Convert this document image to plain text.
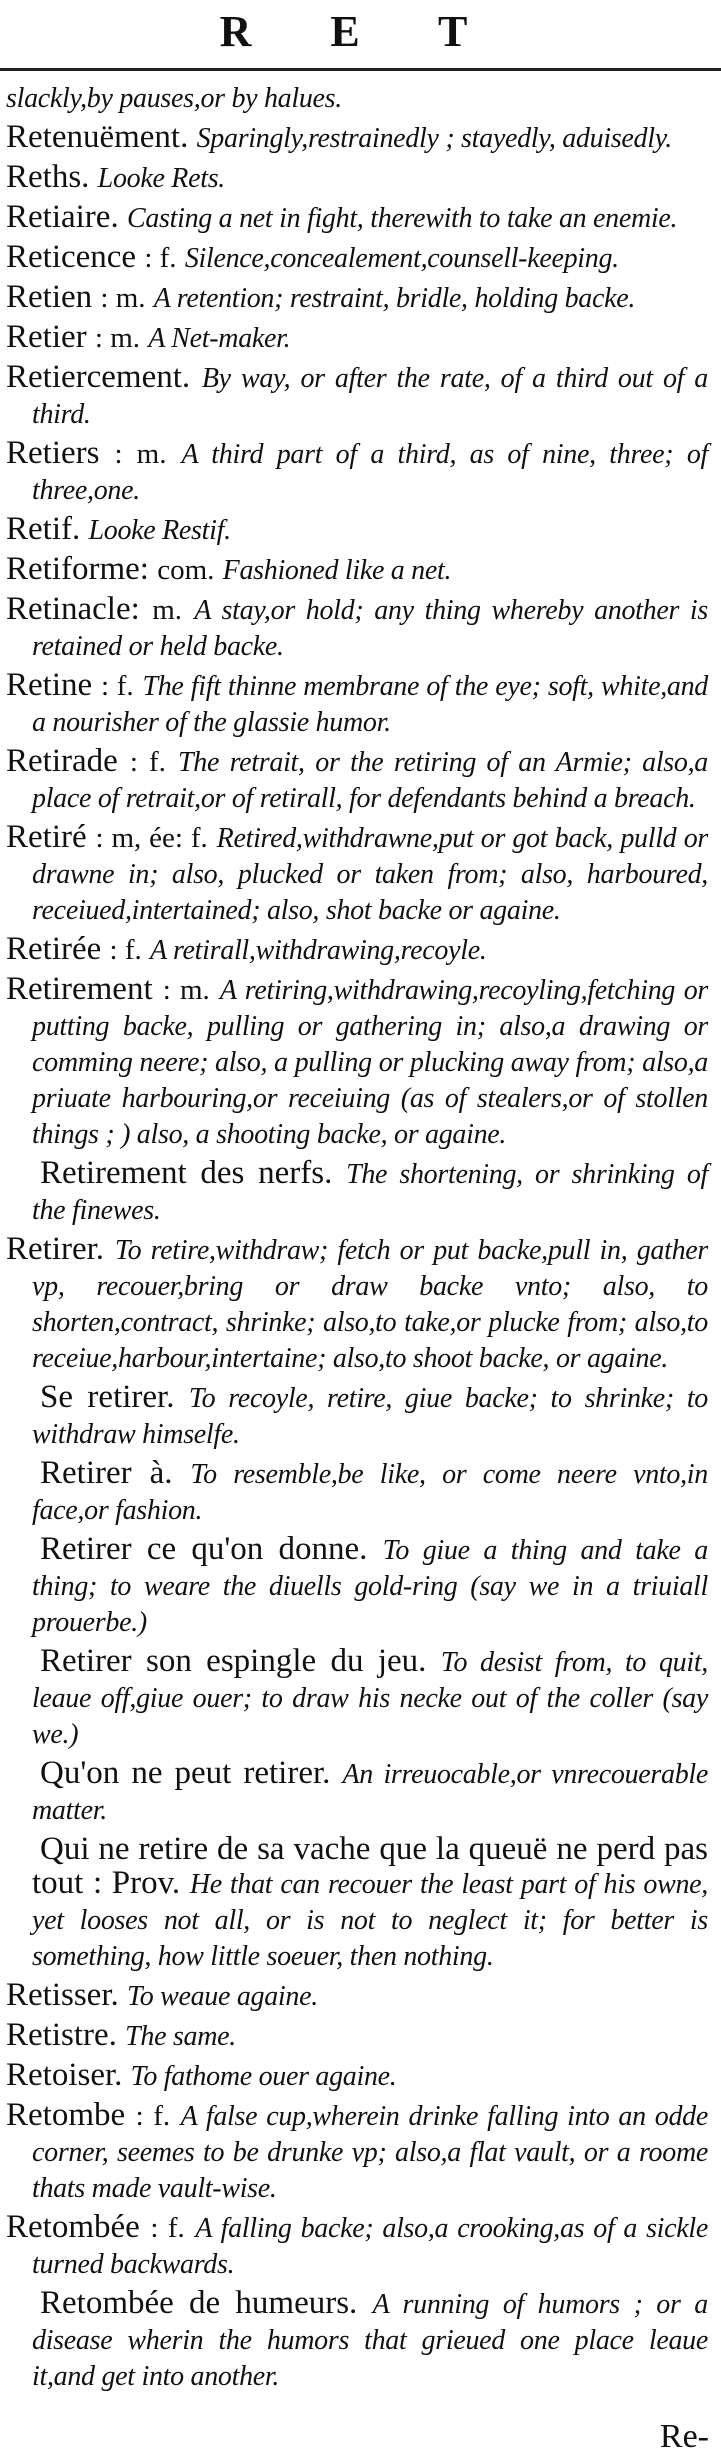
R E T
slackly,by pauses,or by halues.
Retenuëment. Sparingly,restrainedly ; stayedly, aduisedly.
Reths. Looke Rets.
Retiaire. Casting a net in fight, therewith to take an enemie.
Reticence : f. Silence,concealement,counsell-keeping.
Retien : m. A retention; restraint, bridle, holding backe.
Retier : m. A Net-maker.
Retiercement. By way, or after the rate, of a third out of a third.
Retiers : m. A third part of a third, as of nine, three; of three,one.
Retif. Looke Restif.
Retiforme: com. Fashioned like a net.
Retinacle: m. A stay,or hold; any thing whereby another is retained or held backe.
Retine : f. The fift thinne membrane of the eye; soft, white,and a nourisher of the glassie humor.
Retirade : f. The retrait, or the retiring of an Armie; also,a place of retrait,or of retirall, for defendants behind a breach.
Retiré : m, ée: f. Retired,withdrawne,put or got back, pulld or drawne in; also, plucked or taken from; also, harboured, receiued,intertained; also, shot backe or againe.
Retirée : f. A retirall,withdrawing,recoyle.
Retirement : m. A retiring,withdrawing,recoyling,fetching or putting backe, pulling or gathering in; also,a drawing or comming neere; also, a pulling or plucking away from; also,a priuate harbouring,or receiuing (as of stealers,or of stollen things ; ) also, a shooting backe, or againe.
Retirement des nerfs. The shortening, or shrinking of the finewes.
Retirer. To retire,withdraw; fetch or put backe,pull in, gather vp, recouer,bring or draw backe vnto; also, to shorten,contract, shrinke; also,to take,or plucke from; also,to receiue,harbour,intertaine; also,to shoot backe, or againe.
Se retirer. To recoyle, retire, giue backe; to shrinke; to withdraw himselfe.
Retirer à. To resemble,be like, or come neere vnto,in face,or fashion.
Retirer ce qu'on donne. To giue a thing and take a thing; to weare the diuells gold-ring (say we in a triuiall prouerbe.)
Retirer son espingle du jeu. To desist from, to quit, leaue off,giue ouer; to draw his necke out of the coller (say we.)
Qu'on ne peut retirer. An irreuocable,or vnrecouerable matter.
Qui ne retire de sa vache que la queuë ne perd pas tout : Prov. He that can recouer the least part of his owne, yet looses not all, or is not to neglect it; for better is something, how little soeuer, then nothing.
Retisser. To weaue againe.
Retistre. The same.
Retoiser. To fathome ouer againe.
Retombe : f. A false cup,wherein drinke falling into an odde corner, seemes to be drunke vp; also,a flat vault, or a roome thats made vault-wise.
Retombée : f. A falling backe; also,a crooking,as of a sickle turned backwards.
Retombée de humeurs. A running of humors ; or a disease wherin the humors that grieued one place leaue it,and get into another.
Re-
